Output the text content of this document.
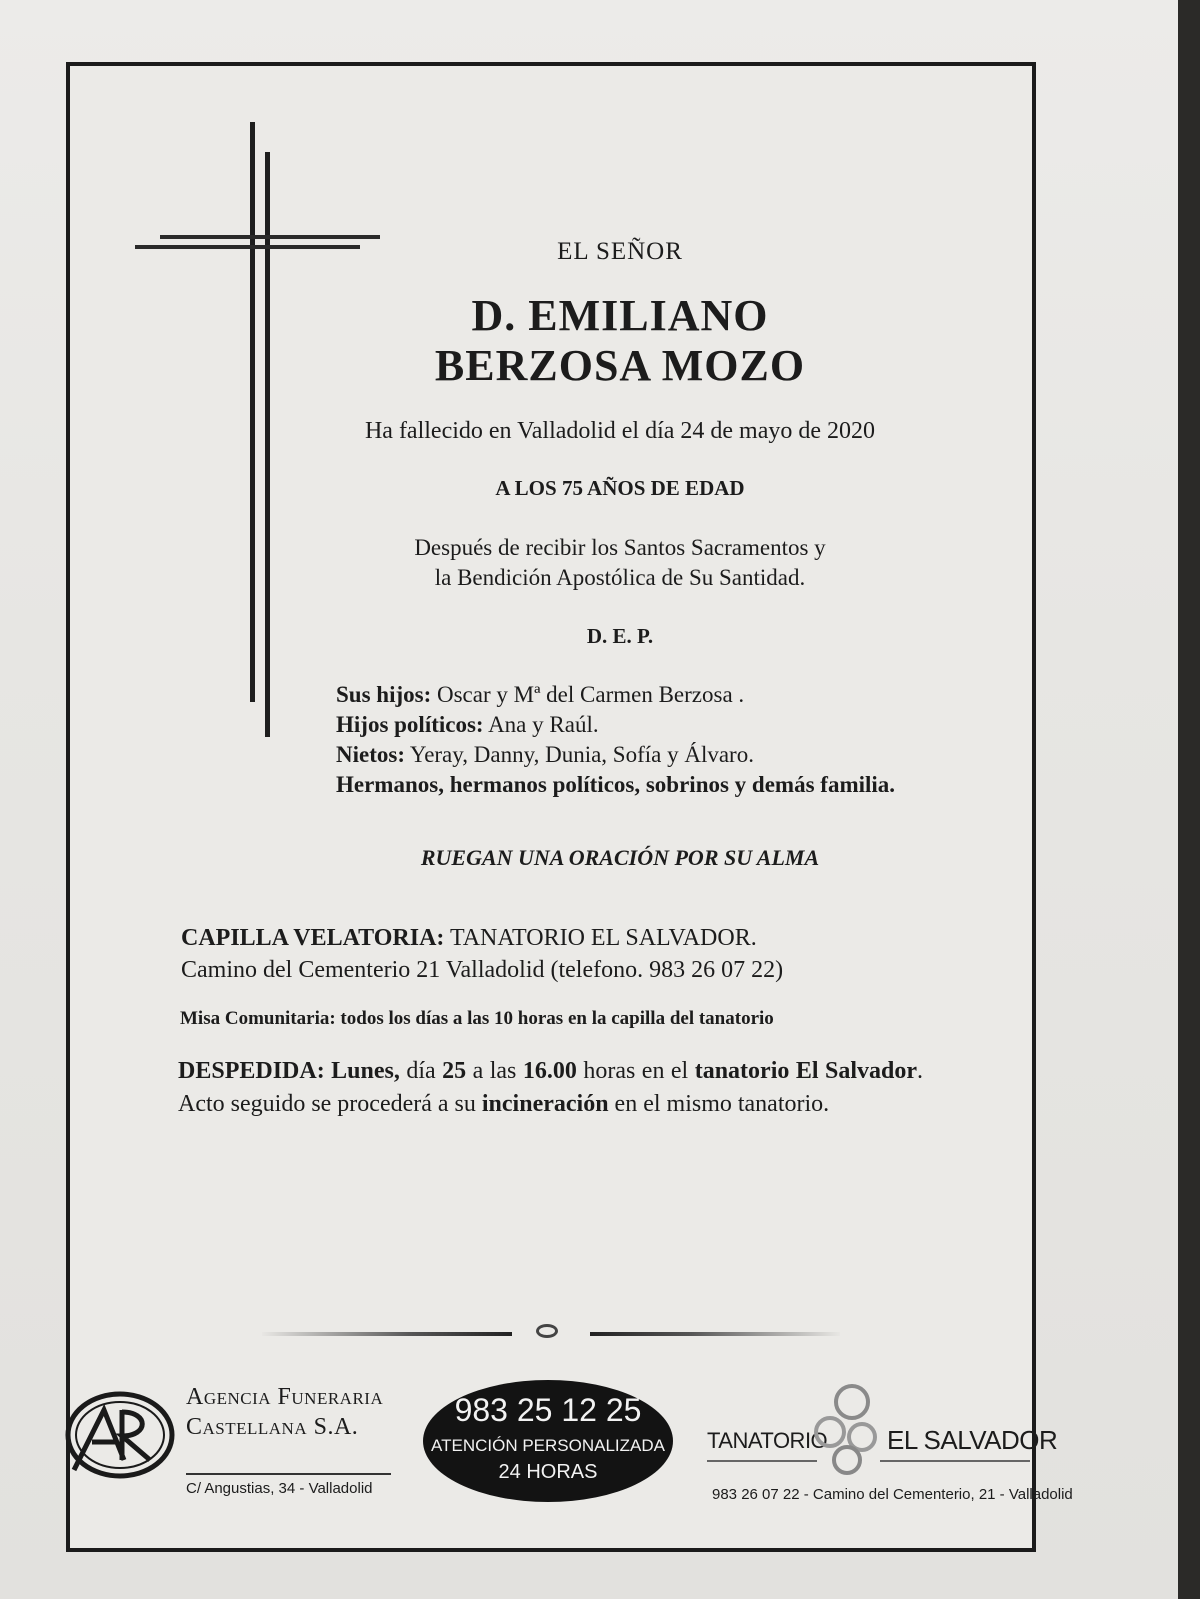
EL SEÑOR
D. EMILIANO
BERZOSA MOZO
Ha fallecido en Valladolid el día 24 de mayo de 2020
A LOS 75 AÑOS DE EDAD
Después de recibir los Santos Sacramentos y
la Bendición Apostólica de Su Santidad.
D. E. P.
Sus hijos: Oscar y Mª del Carmen Berzosa .
Hijos políticos: Ana y Raúl.
Nietos: Yeray, Danny, Dunia, Sofía y Álvaro.
Hermanos, hermanos políticos, sobrinos y demás familia.
RUEGAN UNA ORACIÓN POR SU ALMA
CAPILLA VELATORIA: TANATORIO EL SALVADOR.
Camino del Cementerio 21 Valladolid (telefono. 983 26 07 22)
Misa Comunitaria: todos los días a las 10 horas en la capilla del tanatorio
DESPEDIDA: Lunes, día 25 a las 16.00 horas en el tanatorio El Salvador. Acto seguido se procederá a su incineración en el mismo tanatorio.
Agencia Funeraria
Castellana S.A.
C/ Angustias, 34 - Valladolid
983 25 12 25
ATENCIÓN PERSONALIZADA
24 HORAS
TANATORIO EL SALVADOR
983 26 07 22 - Camino del Cementerio, 21 - Valladolid
